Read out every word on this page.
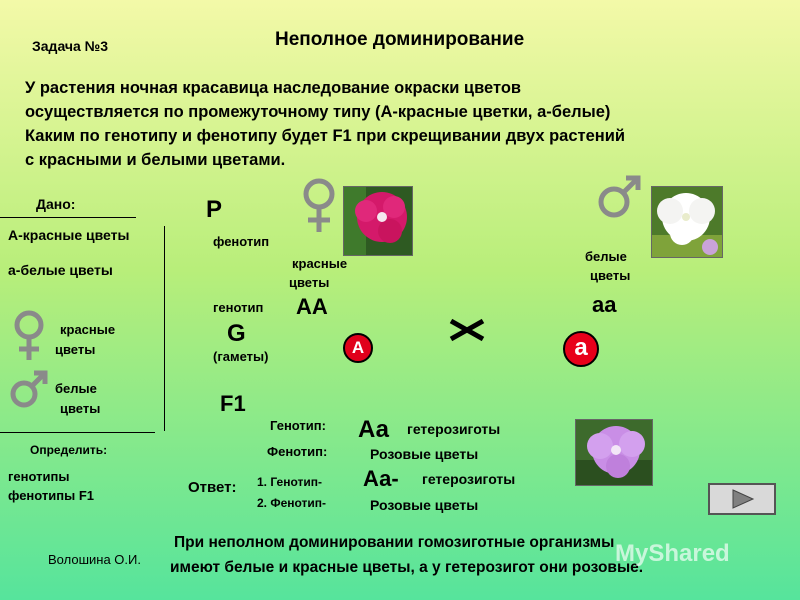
Задача №3	Неполное доминирование
У растения ночная красавица наследование окраски цветов
осуществляется по промежуточному типу (А-красные цветки, а-белые)
Каким по генотипу и фенотипу будет F1 при скрещивании двух растений
с красными и белыми цветами.
Дано:
А-красные цветы
а-белые цветы
красные
цветы
белые
цветы
Определить:
генотипы
фенотипы F1
P
фенотип
красные
цветы
белые
цветы
генотип АА	аа
G
(гаметы)	А	а
F1
Генотип: Аа гетерозиготы
Фенотип:	Розовые цветы
Ответ: 1. Генотип- Аа- гетерозиготы
2. Фенотип-	Розовые цветы
Волошина О.И.
При неполном доминировании гомозиготные организмы
имеют белые и красные цветы, а у гетерозигот они розовые.
MyShared
